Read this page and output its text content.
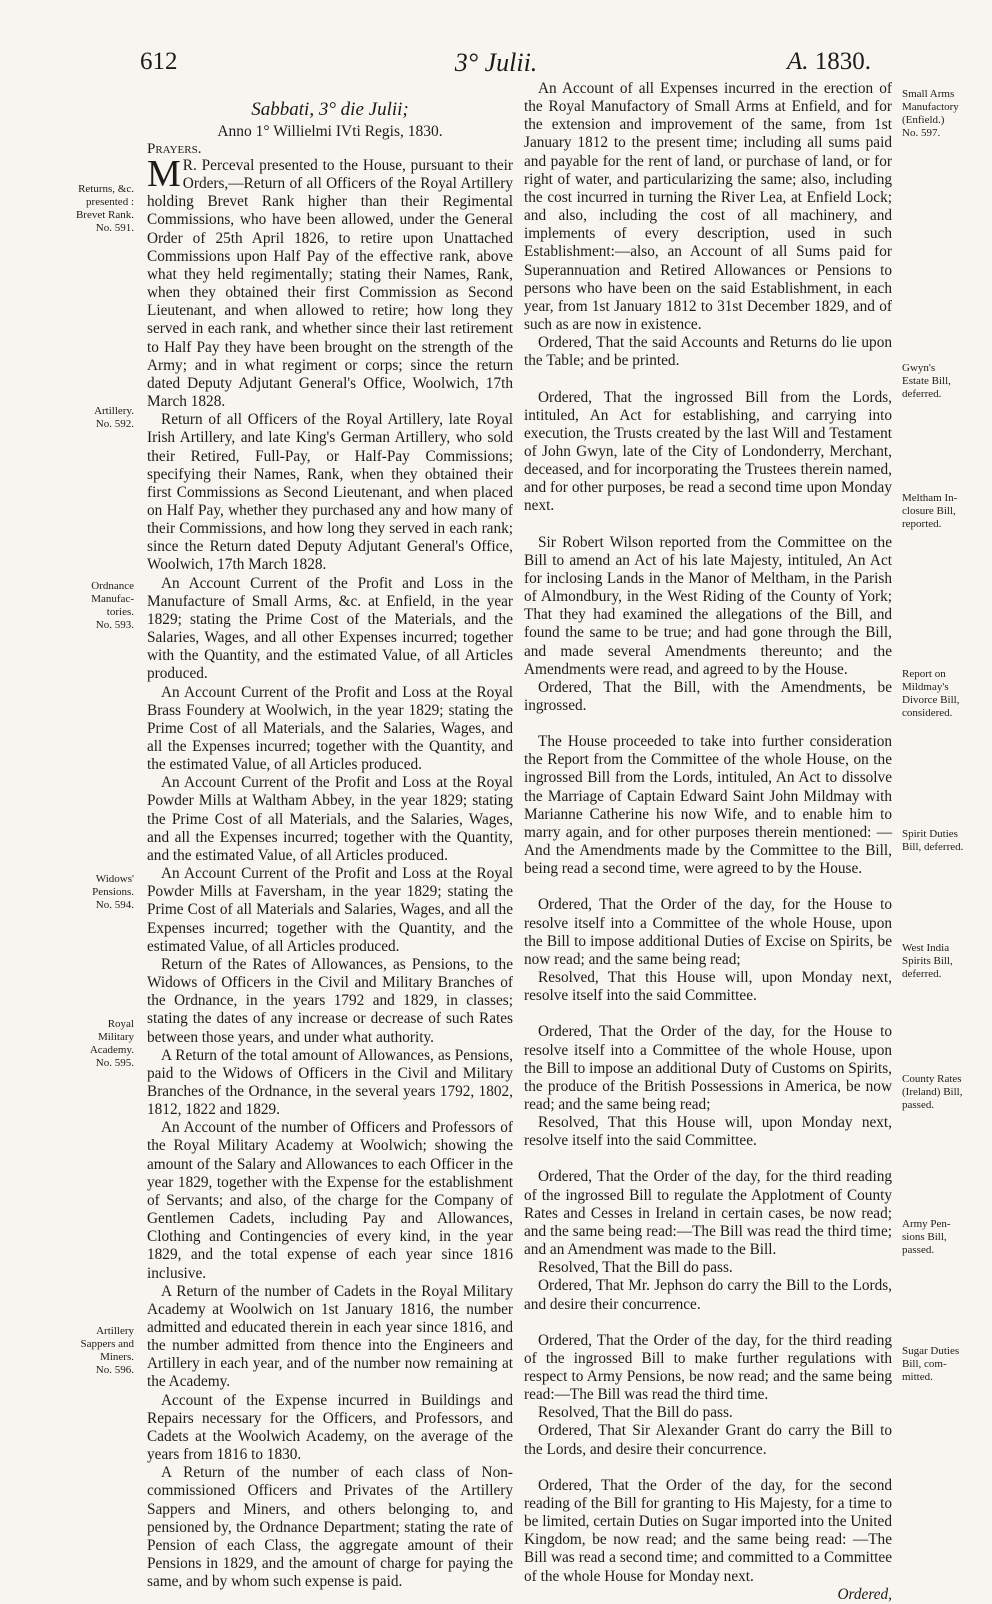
612	3° Julii.	A. 1830.
Returns, &c.
presented :
Brevet Rank.
No. 591.
Artillery.
No. 592.
Ordnance
Manufac-
tories.
No. 593.
Widows'
Pensions.
No. 594.
Royal
Military
Academy.
No. 595.
Artillery
Sappers and
Miners.
No. 596.
Small Arms
Manufactory
(Enfield.)
No. 597.
Gwyn's
Estate Bill,
deferred.
Meltham In-
closure Bill,
reported.
Report on
Mildmay's
Divorce Bill,
considered.
Spirit Duties
Bill, deferred.
West India
Spirits Bill,
deferred.
County Rates
(Ireland) Bill,
passed.
Army Pen-
sions Bill,
passed.
Sugar Duties
Bill, com-
mitted.

Sabbati, 3° die Julii;

Anno 1° Willielmi IVti Regis, 1830.

Prayers.

M R. Perceval presented to the House, pursuant to their Orders,—Return of all Officers of the Royal Artillery holding Brevet Rank higher than their Regimental Commissions, who have been allowed, under the General Order of 25th April 1826, to retire upon Unattached Commissions upon Half Pay of the effective rank, above what they held regimentally; stating their Names, Rank, when they obtained their first Commission as Second Lieutenant, and when allowed to retire; how long they served in each rank, and whether since their last retirement to Half Pay they have been brought on the strength of the Army; and in what regiment or corps; since the return dated Deputy Adjutant General's Office, Woolwich, 17th March 1828.

Return of all Officers of the Royal Artillery, late Royal Irish Artillery, and late King's German Artillery, who sold their Retired, Full-Pay, or Half-Pay Commissions; specifying their Names, Rank, when they obtained their first Commissions as Second Lieutenant, and when placed on Half Pay, whether they purchased any and how many of their Commissions, and how long they served in each rank; since the Return dated Deputy Adjutant General's Office, Woolwich, 17th March 1828.

An Account Current of the Profit and Loss in the Manufacture of Small Arms, &c. at Enfield, in the year 1829; stating the Prime Cost of the Materials, and the Salaries, Wages, and all other Expenses incurred; together with the Quantity, and the estimated Value, of all Articles produced.

An Account Current of the Profit and Loss at the Royal Brass Foundery at Woolwich, in the year 1829; stating the Prime Cost of all Materials, and the Salaries, Wages, and all the Expenses incurred; together with the Quantity, and the estimated Value, of all Articles produced.

An Account Current of the Profit and Loss at the Royal Powder Mills at Waltham Abbey, in the year 1829; stating the Prime Cost of all Materials, and the Salaries, Wages, and all the Expenses incurred; together with the Quantity, and the estimated Value, of all Articles produced.

An Account Current of the Profit and Loss at the Royal Powder Mills at Faversham, in the year 1829; stating the Prime Cost of all Materials and Salaries, Wages, and all the Expenses incurred; together with the Quantity, and the estimated Value, of all Articles produced.

Return of the Rates of Allowances, as Pensions, to the Widows of Officers in the Civil and Military Branches of the Ordnance, in the years 1792 and 1829, in classes; stating the dates of any increase or decrease of such Rates between those years, and under what authority.

A Return of the total amount of Allowances, as Pensions, paid to the Widows of Officers in the Civil and Military Branches of the Ordnance, in the several years 1792, 1802, 1812, 1822 and 1829.

An Account of the number of Officers and Professors of the Royal Military Academy at Woolwich; showing the amount of the Salary and Allowances to each Officer in the year 1829, together with the Expense for the establishment of Servants; and also, of the charge for the Company of Gentlemen Cadets, including Pay and Allowances, Clothing and Contingencies of every kind, in the year 1829, and the total expense of each year since 1816 inclusive.

A Return of the number of Cadets in the Royal Military Academy at Woolwich on 1st January 1816, the number admitted and educated therein in each year since 1816, and the number admitted from thence into the Engineers and Artillery in each year, and of the number now remaining at the Academy.

Account of the Expense incurred in Buildings and Repairs necessary for the Officers, and Professors, and Cadets at the Woolwich Academy, on the average of the years from 1816 to 1830.

A Return of the number of each class of Non-commissioned Officers and Privates of the Artillery Sappers and Miners, and others belonging to, and pensioned by, the Ordnance Department; stating the rate of Pension of each Class, the aggregate amount of their Pensions in 1829, and the amount of charge for paying the same, and by whom such expense is paid.

An Account of all Expenses incurred in the erection of the Royal Manufactory of Small Arms at Enfield, and for the extension and improvement of the same, from 1st January 1812 to the present time; including all sums paid and payable for the rent of land, or purchase of land, or for right of water, and particularizing the same; also, including the cost incurred in turning the River Lea, at Enfield Lock; and also, including the cost of all machinery, and implements of every description, used in such Establishment:—also, an Account of all Sums paid for Superannuation and Retired Allowances or Pensions to persons who have been on the said Establishment, in each year, from 1st January 1812 to 31st December 1829, and of such as are now in existence.

Ordered, That the said Accounts and Returns do lie upon the Table; and be printed.

Ordered, That the ingrossed Bill from the Lords, intituled, An Act for establishing, and carrying into execution, the Trusts created by the last Will and Testament of John Gwyn, late of the City of Londonderry, Merchant, deceased, and for incorporating the Trustees therein named, and for other purposes, be read a second time upon Monday next.

Sir Robert Wilson reported from the Committee on the Bill to amend an Act of his late Majesty, intituled, An Act for inclosing Lands in the Manor of Meltham, in the Parish of Almondbury, in the West Riding of the County of York; That they had examined the allegations of the Bill, and found the same to be true; and had gone through the Bill, and made several Amendments thereunto; and the Amendments were read, and agreed to by the House.

Ordered, That the Bill, with the Amendments, be ingrossed.

The House proceeded to take into further consideration the Report from the Committee of the whole House, on the ingrossed Bill from the Lords, intituled, An Act to dissolve the Marriage of Captain Edward Saint John Mildmay with Marianne Catherine his now Wife, and to enable him to marry again, and for other purposes therein mentioned: —And the Amendments made by the Committee to the Bill, being read a second time, were agreed to by the House.

Ordered, That the Order of the day, for the House to resolve itself into a Committee of the whole House, upon the Bill to impose additional Duties of Excise on Spirits, be now read; and the same being read;

Resolved, That this House will, upon Monday next, resolve itself into the said Committee.

Ordered, That the Order of the day, for the House to resolve itself into a Committee of the whole House, upon the Bill to impose an additional Duty of Customs on Spirits, the produce of the British Possessions in America, be now read; and the same being read;

Resolved, That this House will, upon Monday next, resolve itself into the said Committee.

Ordered, That the Order of the day, for the third reading of the ingrossed Bill to regulate the Applotment of County Rates and Cesses in Ireland in certain cases, be now read; and the same being read:—The Bill was read the third time; and an Amendment was made to the Bill.

Resolved, That the Bill do pass.

Ordered, That Mr. Jephson do carry the Bill to the Lords, and desire their concurrence.

Ordered, That the Order of the day, for the third reading of the ingrossed Bill to make further regulations with respect to Army Pensions, be now read; and the same being read:—The Bill was read the third time.

Resolved, That the Bill do pass.

Ordered, That Sir Alexander Grant do carry the Bill to the Lords, and desire their concurrence.

Ordered, That the Order of the day, for the second reading of the Bill for granting to His Majesty, for a time to be limited, certain Duties on Sugar imported into the United Kingdom, be now read; and the same being read: —The Bill was read a second time; and committed to a Committee of the whole House for Monday next.

Ordered,
